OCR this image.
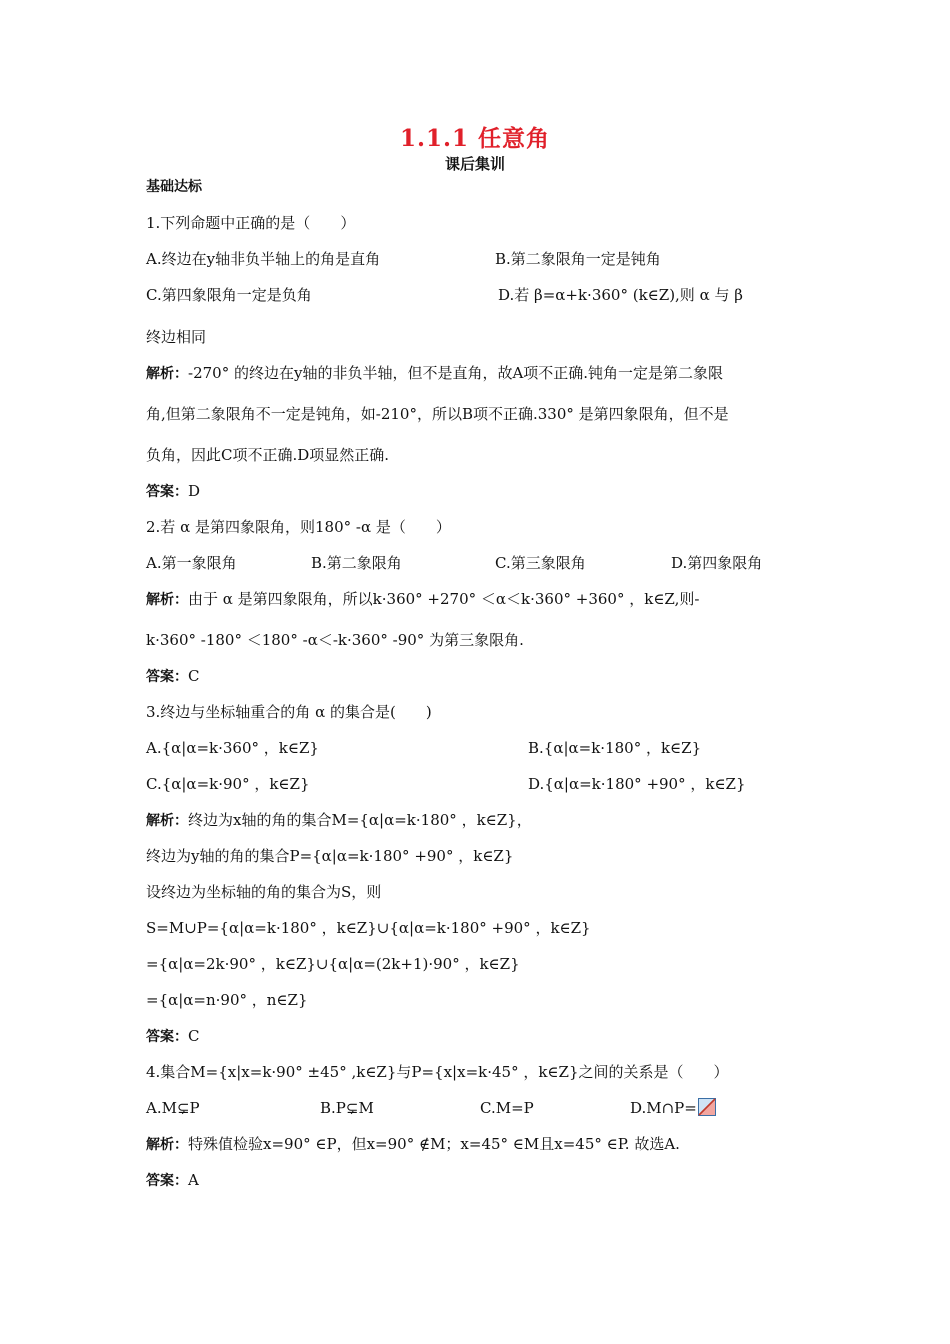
1.1.1 任意角
课后集训
基础达标
1.下列命题中正确的是（　　）
A.终边在y轴非负半轴上的角是直角	B.第二象限角一定是钝角
C.第四象限角一定是负角	D.若 β=α+k·360° (k∈Z),则 α 与 β
终边相同
解析：-270° 的终边在y轴的非负半轴，但不是直角，故A项不正确.钝角一定是第二象限
角,但第二象限角不一定是钝角，如-210°，所以B项不正确.330° 是第四象限角，但不是
负角，因此C项不正确.D项显然正确.
答案：D
2.若 α 是第四象限角，则180° -α 是（　　）
A.第一象限角	B.第二象限角	C.第三象限角	D.第四象限角
解析：由于 α 是第四象限角，所以k·360° +270° ＜α＜k·360° +360° ，k∈Z,则-
k·360° -180° ＜180° -α＜-k·360° -90° 为第三象限角.
答案：C
3.终边与坐标轴重合的角 α 的集合是(　　)
A.{α|α=k·360° ，k∈Z}	B.{α|α=k·180° ，k∈Z}
C.{α|α=k·90° ，k∈Z}	D.{α|α=k·180° +90° ，k∈Z}
解析：终边为x轴的角的集合M={α|α=k·180° ，k∈Z}，
终边为y轴的角的集合P={α|α=k·180° +90° ，k∈Z}
设终边为坐标轴的角的集合为S，则
S=M∪P={α|α=k·180° ，k∈Z}∪{α|α=k·180° +90° ，k∈Z}
={α|α=2k·90° ，k∈Z}∪{α|α=(2k+1)·90° ，k∈Z}
={α|α=n·90° ，n∈Z}
答案：C
4.集合M={x|x=k·90° ±45° ,k∈Z}与P={x|x=k·45° ，k∈Z}之间的关系是（　　）
A.M⊊P	B.P⊊M	C.M=P	D.M∩P=
解析：特殊值检验x=90° ∈P，但x=90° ∉M；x=45° ∈M且x=45° ∈P. 故选A.
答案：A
